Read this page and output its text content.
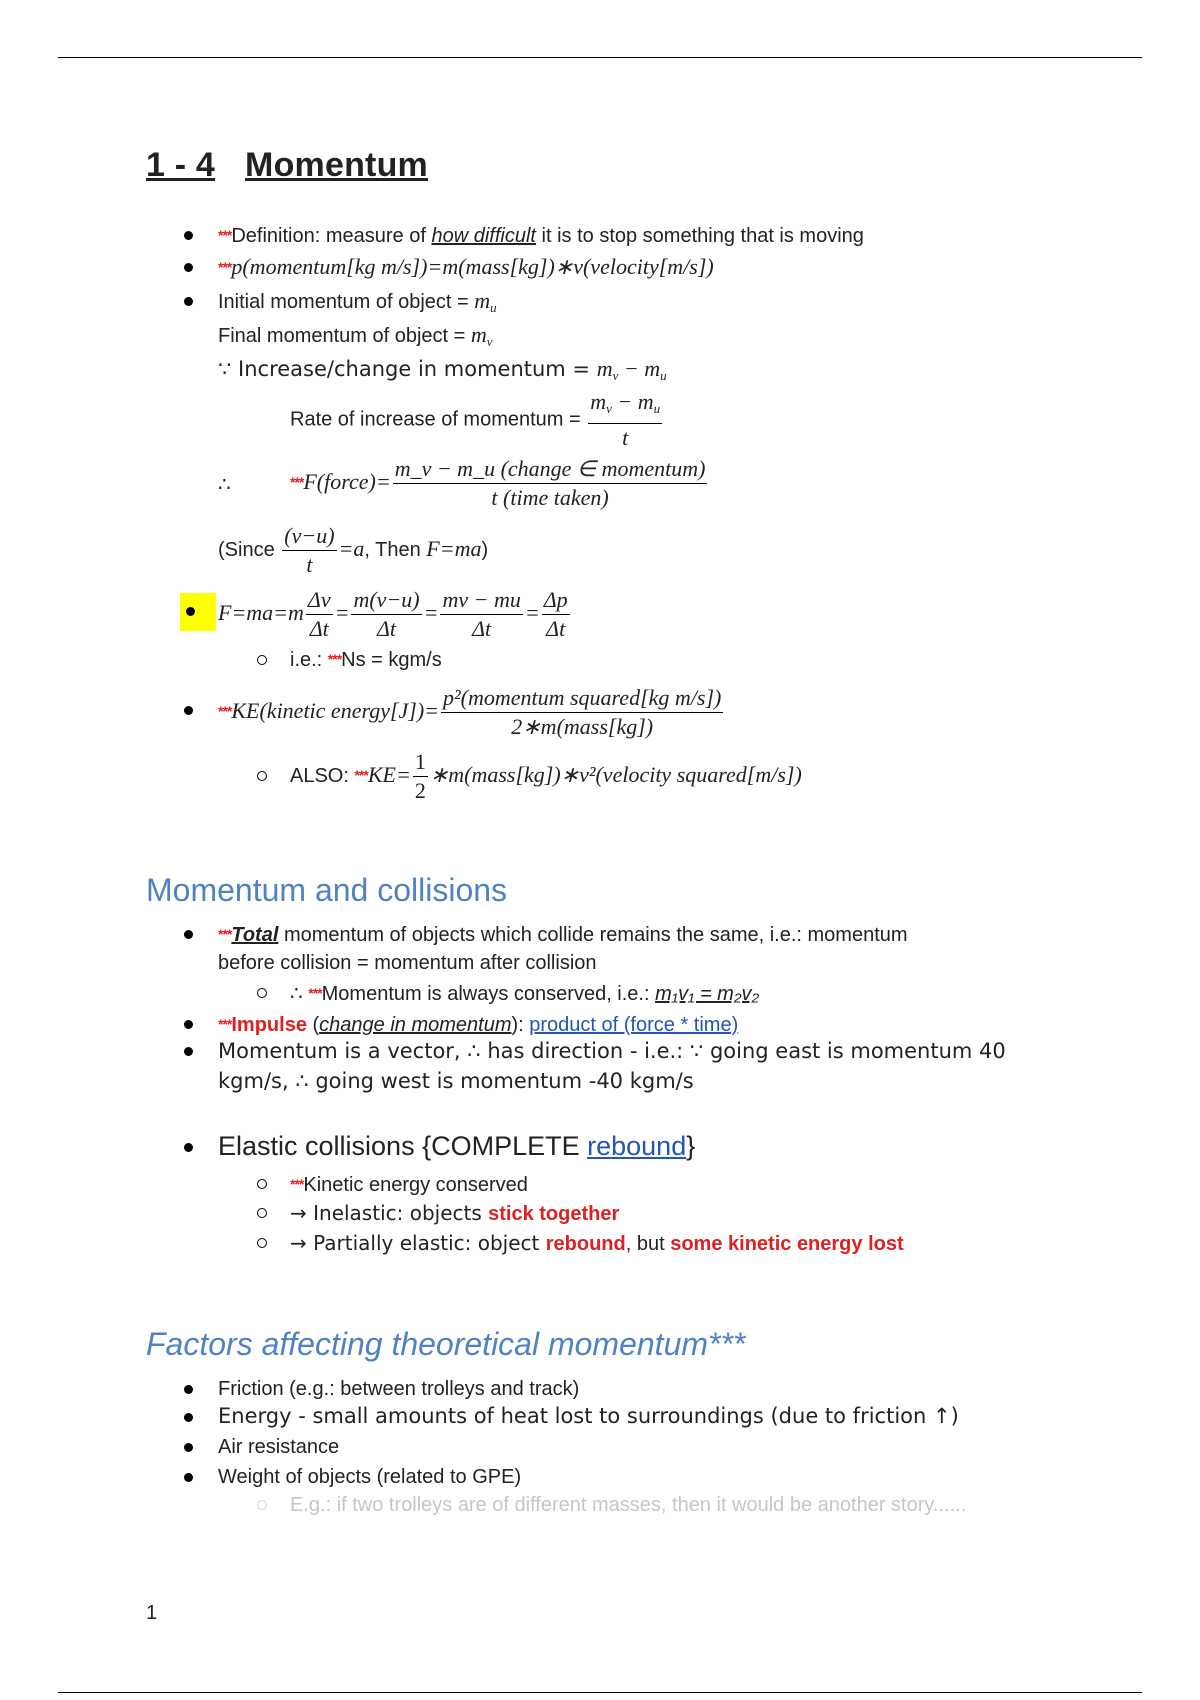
1 - 4 Momentum
***Definition: measure of how difficult it is to stop something that is moving
***p(momentum[kg m/s])=m(mass[kg])∗v(velocity[m/s])
Initial momentum of object = $m_u$
Final momentum of object = $m_v$
∵ Increase/change in momentum = $m_v - m_u$
Rate of increase of momentum = $\frac{m_v - m_u}{t}$
∴	***F(force)= $\frac{\text{m\_v − m\_u (change ∈ momentum)}}{\text{t (time taken)}}$
(Since $\frac{(v-u)}{t} =a$, Then F=ma)
$F=ma=m \frac{\Delta v}{\Delta t} = \frac{m(v-u)}{\Delta t} = \frac{mv - mu}{\Delta t} = \frac{\Delta p}{\Delta t}$
i.e.: ***Ns = kgm/s
***KE(kinetic energy[J])= $\frac{\text{p²(momentum squared[kg m/s])}}{\text{2∗m(mass[kg])}}$
ALSO: $***KE= \frac{1}{2}$ ∗m(mass[kg])∗v²(velocity squared[m/s])
Momentum and collisions
***Total momentum of objects which collide remains the same, i.e.: momentum
before collision = momentum after collision
∴ ***Momentum is always conserved, i.e.: m₁v₁ = m₂v₂
***Impulse (change in momentum): product of (force * time)
Momentum is a vector, ∴ has direction - i.e.: ∵ going east is momentum 40
kgm/s, ∴ going west is momentum -40 kgm/s
Elastic collisions {COMPLETE rebound}
***Kinetic energy conserved
→ Inelastic: objects stick together
→ Partially elastic: object rebound, but some kinetic energy lost
Factors affecting theoretical momentum***
Friction (e.g.: between trolleys and track)
Energy - small amounts of heat lost to surroundings (due to friction ↑)
Air resistance
Weight of objects (related to GPE)
E.g.: if two trolleys are of different masses, then it would be another story......
1
